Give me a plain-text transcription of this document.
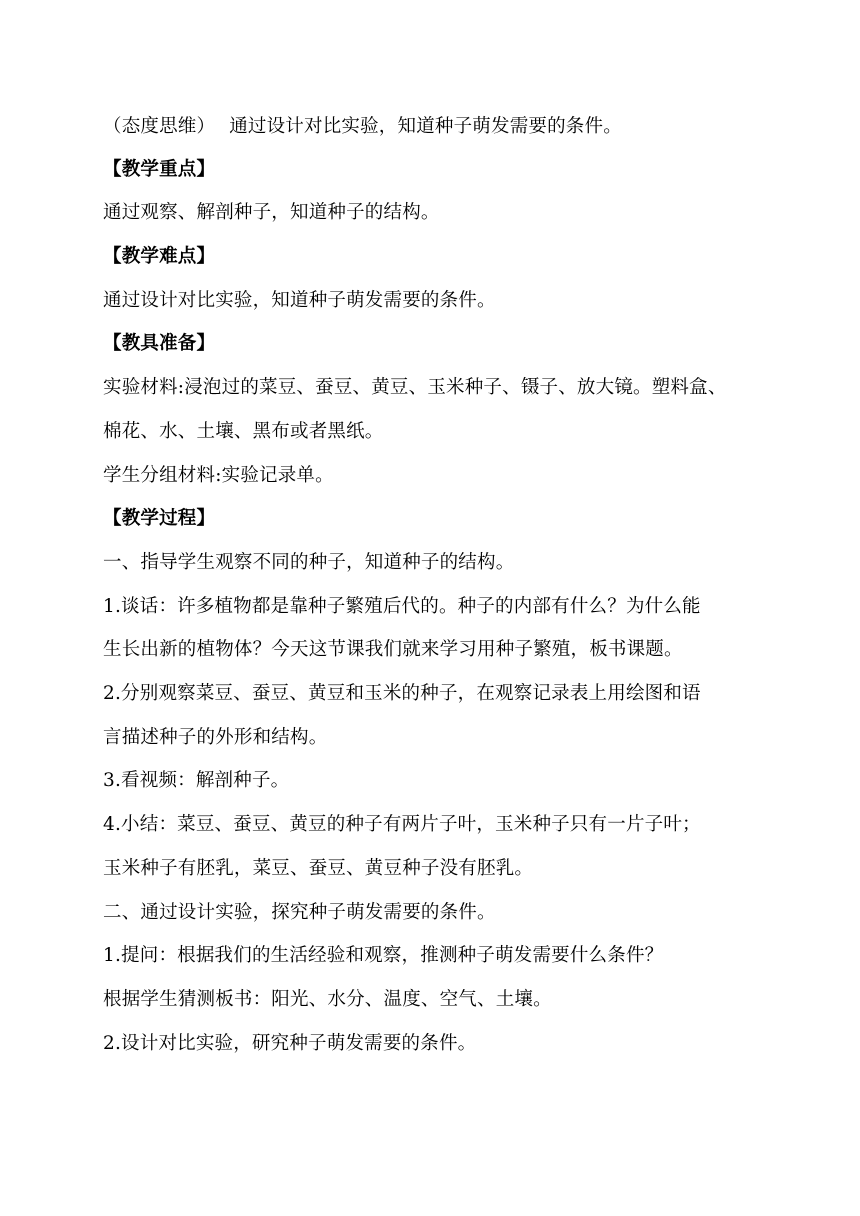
（态度思维） 通过设计对比实验，知道种子萌发需要的条件。
【教学重点】
通过观察、解剖种子，知道种子的结构。
【教学难点】
通过设计对比实验，知道种子萌发需要的条件。
【教具准备】
实验材料:浸泡过的菜豆、蚕豆、黄豆、玉米种子、镊子、放大镜。塑料盒、
棉花、水、土壤、黑布或者黑纸。
学生分组材料:实验记录单。
【教学过程】
一、指导学生观察不同的种子，知道种子的结构。
1.谈话：许多植物都是靠种子繁殖后代的。种子的内部有什么？为什么能
生长出新的植物体？今天这节课我们就来学习用种子繁殖，板书课题。
2.分别观察菜豆、蚕豆、黄豆和玉米的种子，在观察记录表上用绘图和语
言描述种子的外形和结构。
3.看视频：解剖种子。
4.小结：菜豆、蚕豆、黄豆的种子有两片子叶，玉米种子只有一片子叶；
玉米种子有胚乳，菜豆、蚕豆、黄豆种子没有胚乳。
二、通过设计实验，探究种子萌发需要的条件。
1.提问：根据我们的生活经验和观察，推测种子萌发需要什么条件？
根据学生猜测板书：阳光、水分、温度、空气、土壤。
2.设计对比实验，研究种子萌发需要的条件。
